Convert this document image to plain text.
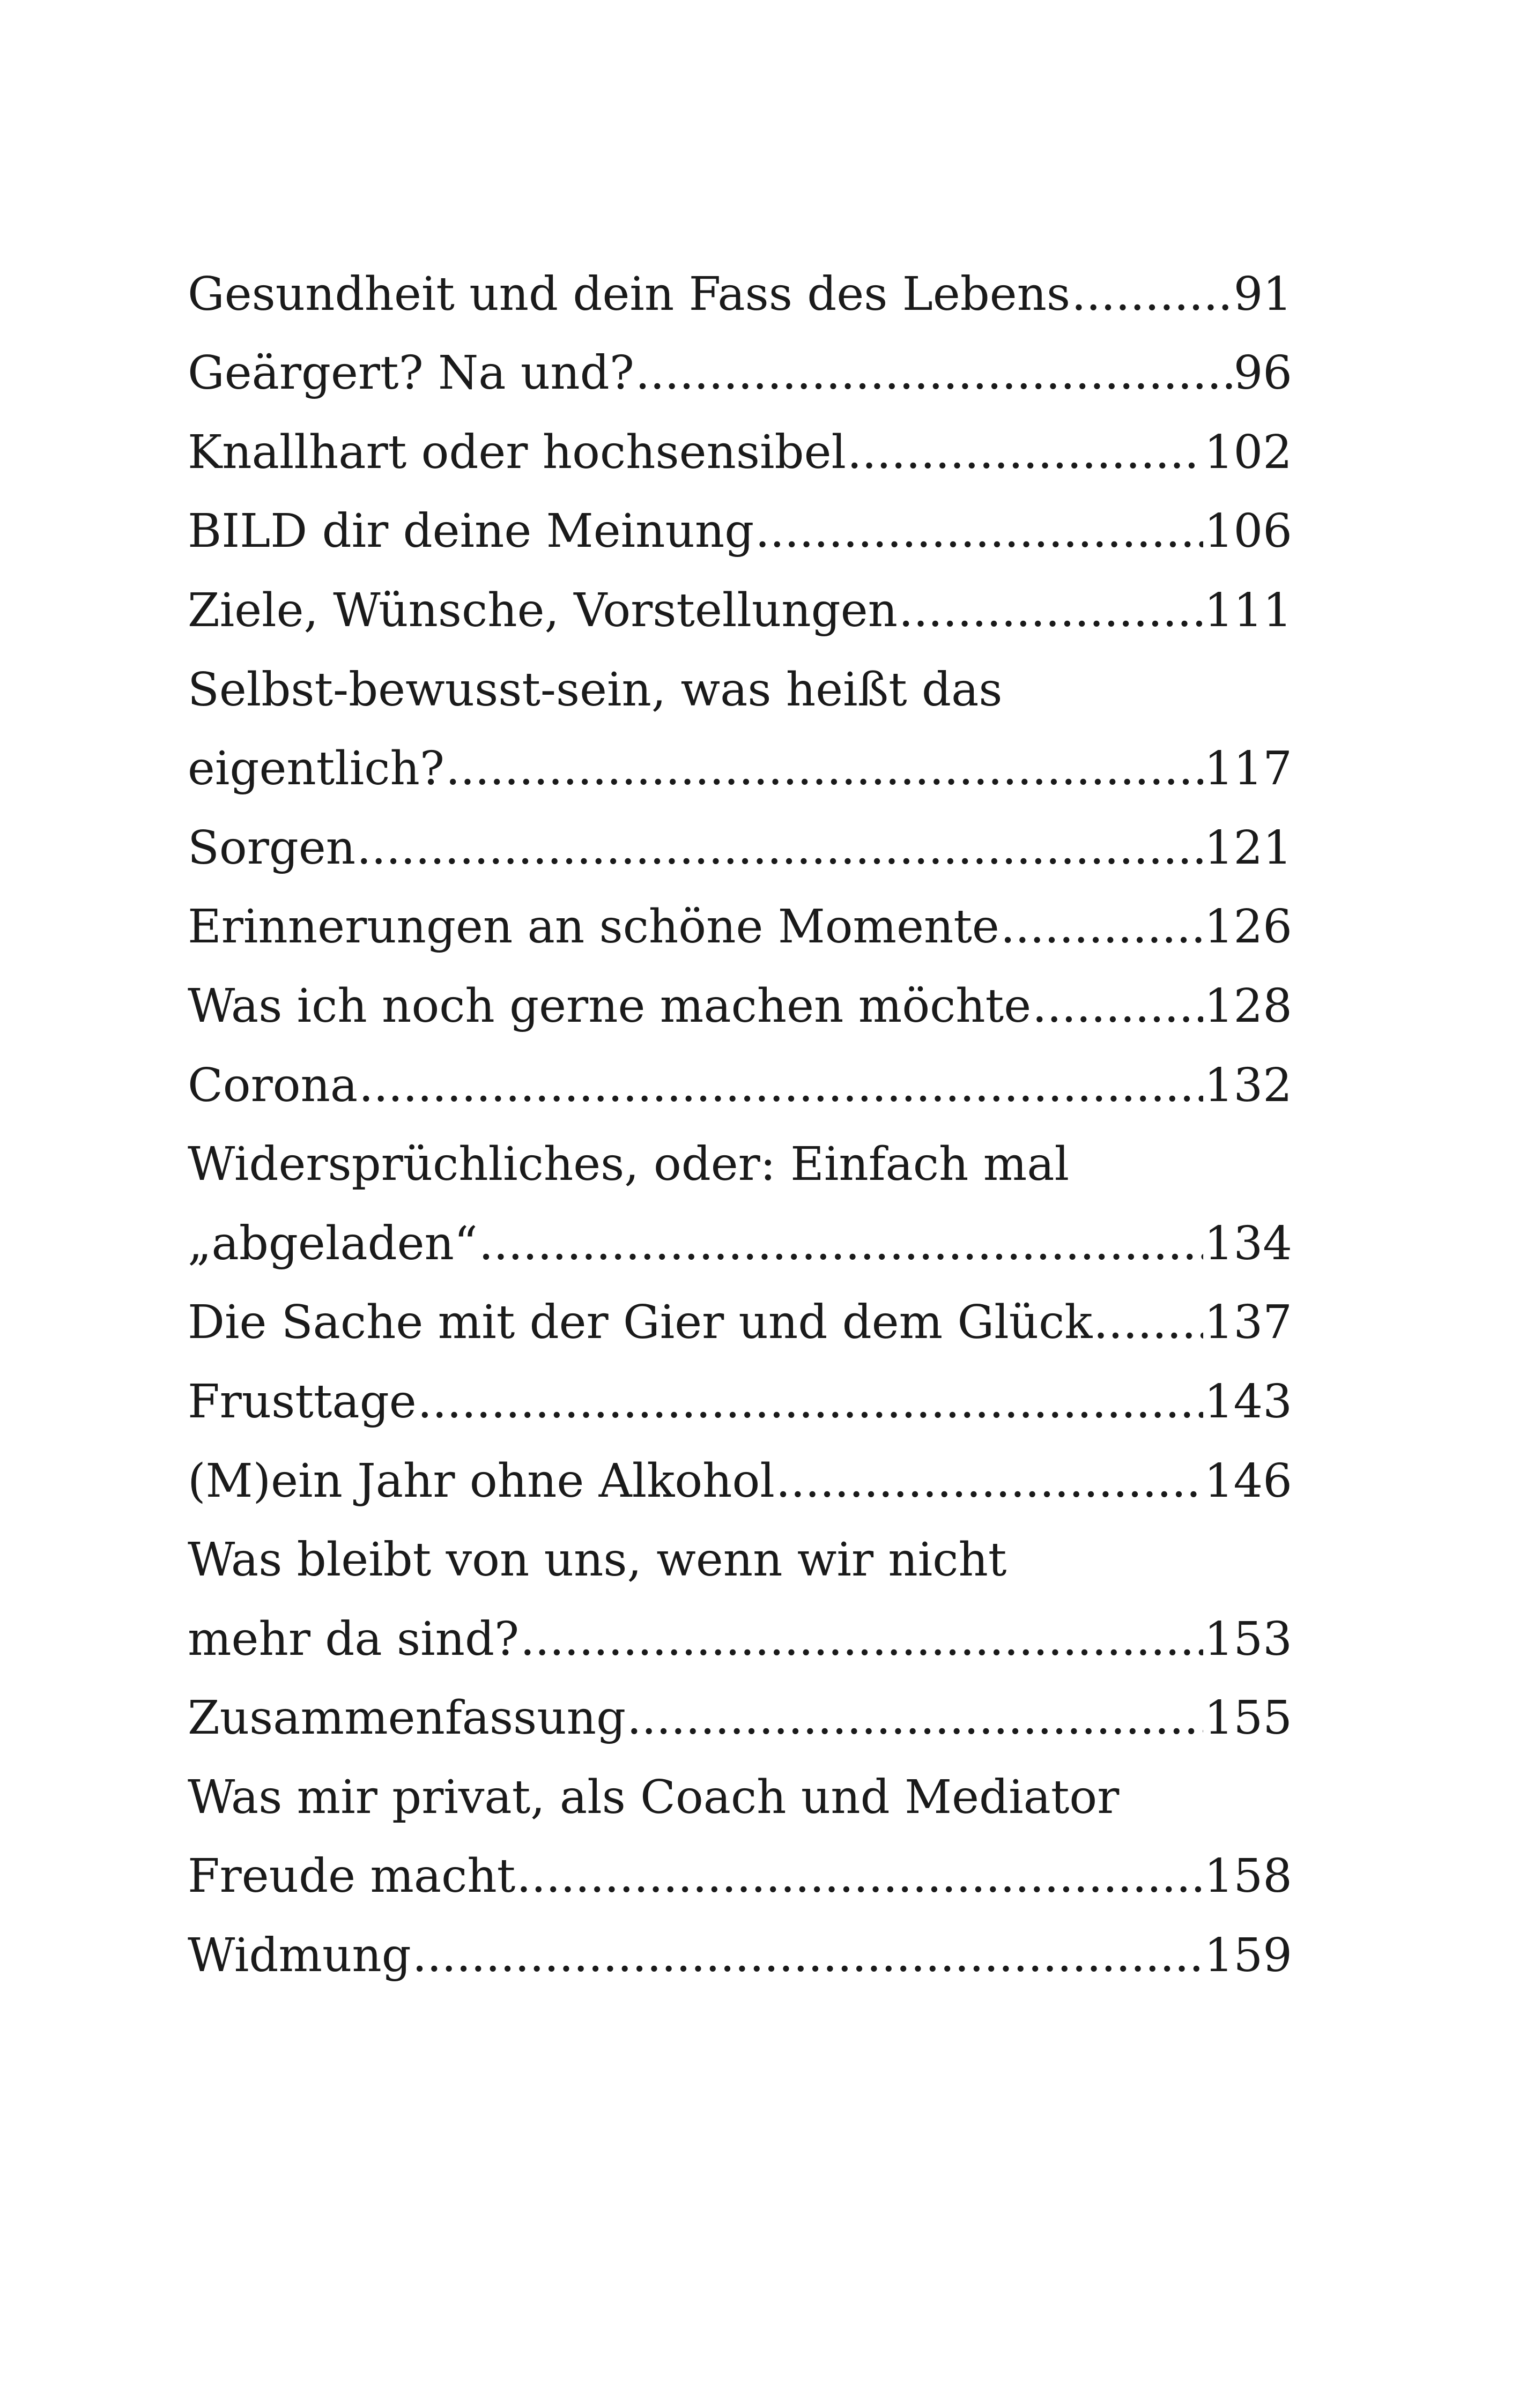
Gesundheit und dein Fass des Lebens .....	91
Geärgert? Na und? .....	96
Knallhart oder hochsensibel .....	102
BILD dir deine Meinung .....	106
Ziele, Wünsche, Vorstellungen .....	111
Selbst-bewusst-sein, was heißt das
eigentlich? .....	117
Sorgen .....	121
Erinnerungen an schöne Momente .....	126
Was ich noch gerne machen möchte .....	128
Corona .....	132
Widersprüchliches, oder: Einfach mal
„abgeladen“ .....	134
Die Sache mit der Gier und dem Glück ..... 137
Frusttage .....	143
(M)ein Jahr ohne Alkohol .....	146
Was bleibt von uns, wenn wir nicht
mehr da sind? .....	153
Zusammenfassung .....	155
Was mir privat, als Coach und Mediator
Freude macht .....	158
Widmung .....	159
